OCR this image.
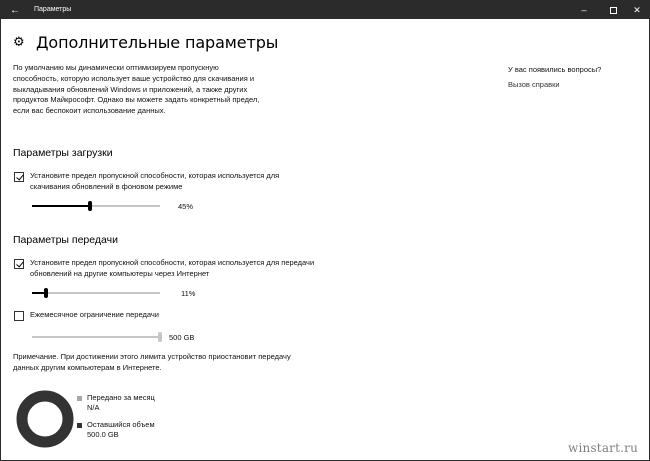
←	Параметры	–	✕
⚙ Дополнительные параметры

По умолчанию мы динамически оптимизируем пропускную способность, которую использует ваше устройство для скачивания и выкладывания обновлений Windows и приложений, а также других продуктов Майкрософт. Однако вы можете задать конкретный предел, если вас беспокоит использование данных.

Параметры загрузки
Установите предел пропускной способности, которая используется для скачивания обновлений в фоновом режиме
45%
Параметры передачи
Установите предел пропускной способности, которая используется для передачи обновлений на другие компьютеры через Интернет
11%
Ежемесячное ограничение передачи
500 GB

Примечание. При достижении этого лимита устройство приостановит передачу данных другим компьютерам в Интернете.

Передано за месяц
N/A
Оставшийся объем
500.0 GB
У вас появились вопросы?
Вызов справки
winstart.ru
